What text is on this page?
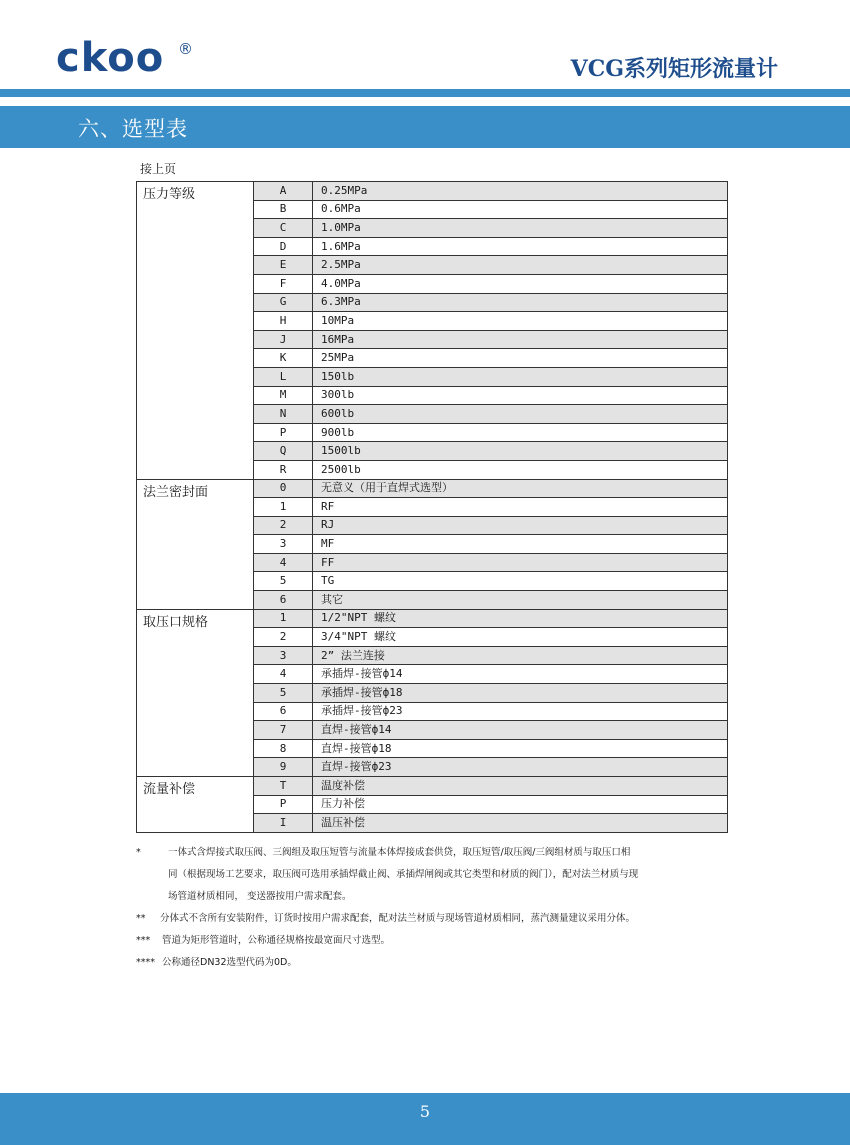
ckoo ®
VCG系列矩形流量计
六、选型表
接上页
压力等级	A	0.25MPa
	B	0.6MPa
	C	1.0MPa
	D	1.6MPa
	E	2.5MPa
	F	4.0MPa
	G	6.3MPa
	H	10MPa
	J	16MPa
	K	25MPa
	L	150lb
	M	300lb
	N	600lb
	P	900lb
	Q	1500lb
	R	2500lb
法兰密封面	0	无意义（用于直焊式选型）
	1	RF
	2	RJ
	3	MF
	4	FF
	5	TG
	6	其它
取压口规格	1	1/2"NPT 螺纹
	2	3/4"NPT 螺纹
	3	2” 法兰连接
	4	承插焊-接管ф14
	5	承插焊-接管ф18
	6	承插焊-接管ф23
	7	直焊-接管ф14
	8	直焊-接管ф18
	9	直焊-接管ф23
流量补偿	T	温度补偿
	P	压力补偿
	I	温压补偿
*	一体式含焊接式取压阀、三阀组及取压短管与流量本体焊接成套供贷，取压短管/取压阀/三阀组材质与取压口相
同（根据现场工艺要求，取压阀可选用承插焊截止阀、承插焊闸阀或其它类型和材质的阀门），配对法兰材质与现
场管道材质相同， 变送器按用户需求配套。
**	分体式不含所有安装附件，订货时按用户需求配套，配对法兰材质与现场管道材质相同，蒸汽测量建议采用分体。
***	管道为矩形管道时，公称通径规格按最宽面尺寸选型。
**** 公称通径DN32选型代码为0D。
5
